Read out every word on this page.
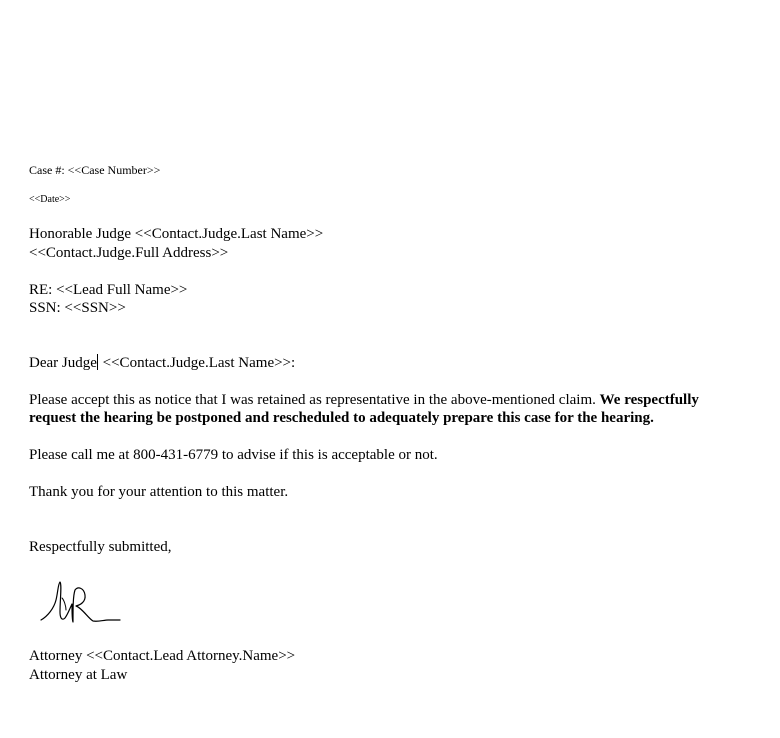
Case #: <<Case Number>>
<<Date>>
Honorable Judge <<Contact.Judge.Last Name>>
<<Contact.Judge.Full Address>>
RE: <<Lead Full Name>>
SSN: <<SSN>>
Dear Judge <<Contact.Judge.Last Name>>:
Please accept this as notice that I was retained as representative in the above-mentioned claim. We respectfully
request the hearing be postponed and rescheduled to adequately prepare this case for the hearing.
Please call me at 800-431-6779 to advise if this is acceptable or not.
Thank you for your attention to this matter.
Respectfully submitted,
Attorney <<Contact.Lead Attorney.Name>>
Attorney at Law
